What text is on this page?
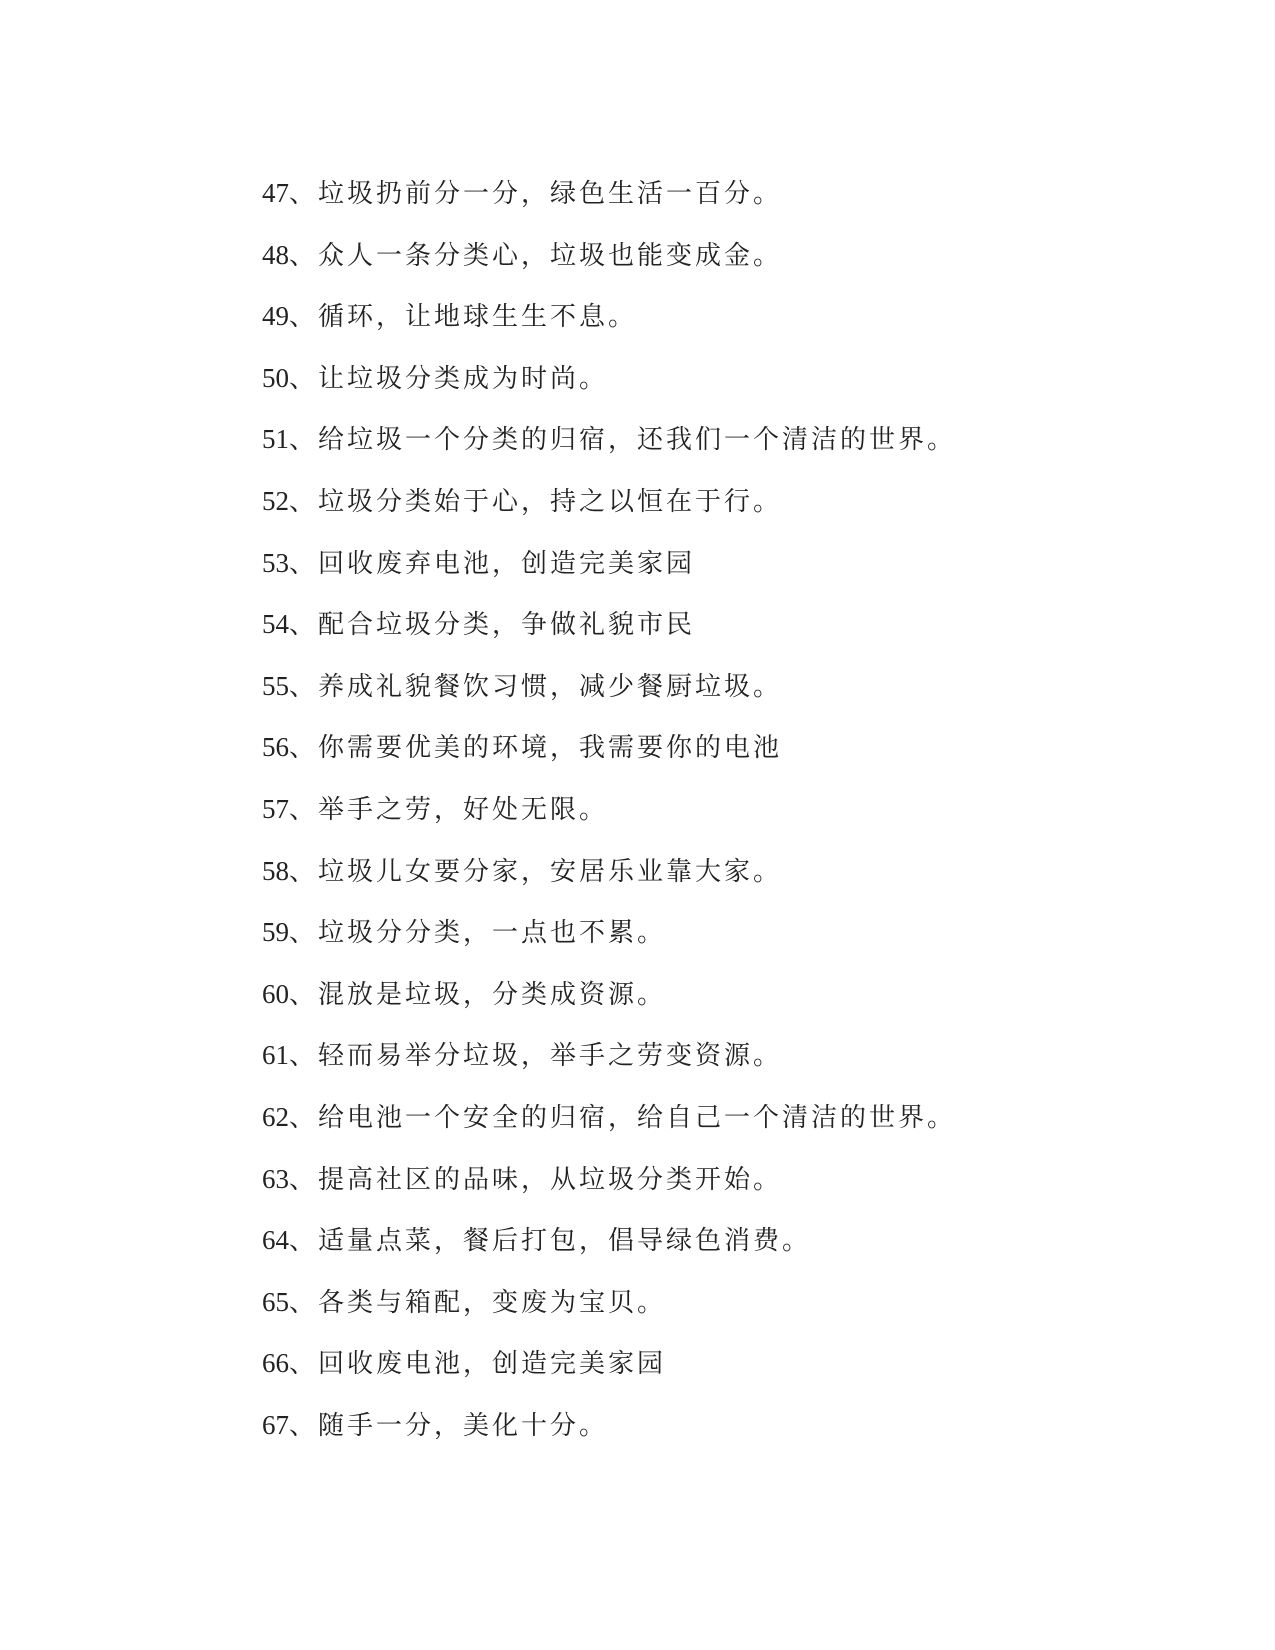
47、垃圾扔前分一分，绿色生活一百分。
48、众人一条分类心，垃圾也能变成金。
49、循环，让地球生生不息。
50、让垃圾分类成为时尚。
51、给垃圾一个分类的归宿，还我们一个清洁的世界。
52、垃圾分类始于心，持之以恒在于行。
53、回收废弃电池，创造完美家园
54、配合垃圾分类，争做礼貌市民
55、养成礼貌餐饮习惯，减少餐厨垃圾。
56、你需要优美的环境，我需要你的电池
57、举手之劳，好处无限。
58、垃圾儿女要分家，安居乐业靠大家。
59、垃圾分分类，一点也不累。
60、混放是垃圾，分类成资源。
61、轻而易举分垃圾，举手之劳变资源。
62、给电池一个安全的归宿，给自己一个清洁的世界。
63、提高社区的品味，从垃圾分类开始。
64、适量点菜，餐后打包，倡导绿色消费。
65、各类与箱配，变废为宝贝。
66、回收废电池，创造完美家园
67、随手一分，美化十分。
